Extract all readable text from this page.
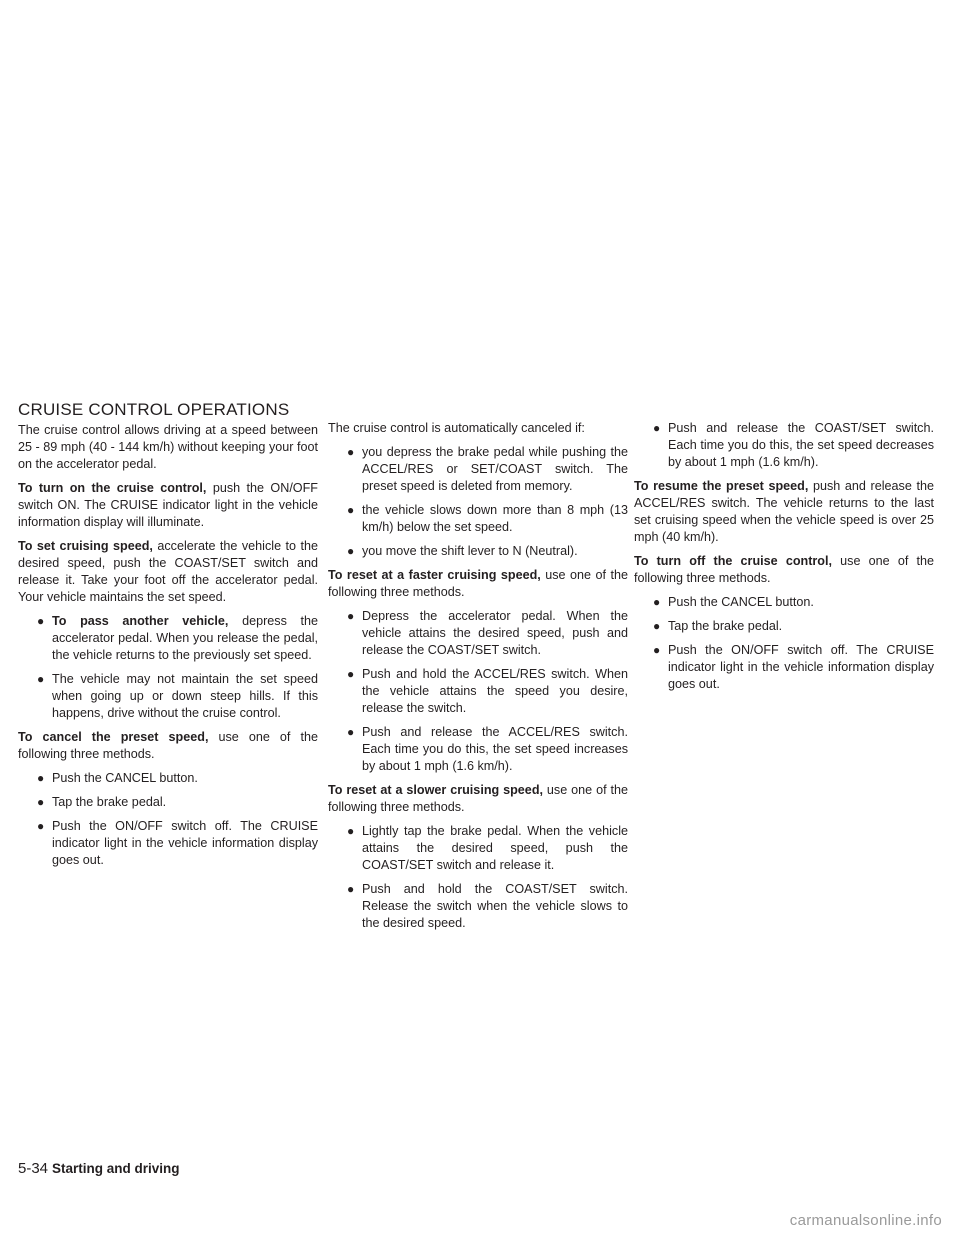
CRUISE CONTROL OPERATIONS

The cruise control allows driving at a speed between 25 - 89 mph (40 - 144 km/h) without keeping your foot on the accelerator pedal.

To turn on the cruise control, push the ON/OFF switch ON. The CRUISE indicator light in the vehicle information display will illuminate.

To set cruising speed, accelerate the vehicle to the desired speed, push the COAST/SET switch and release it. Take your foot off the accelerator pedal. Your vehicle maintains the set speed.

● To pass another vehicle, depress the accelerator pedal. When you release the pedal, the vehicle returns to the previously set speed.
● The vehicle may not maintain the set speed when going up or down steep hills. If this happens, drive without the cruise control.

To cancel the preset speed, use one of the following three methods.

● Push the CANCEL button.
● Tap the brake pedal.
● Push the ON/OFF switch off. The CRUISE indicator light in the vehicle information display goes out.

The cruise control is automatically canceled if:

● you depress the brake pedal while pushing the ACCEL/RES or SET/COAST switch. The preset speed is deleted from memory.
● the vehicle slows down more than 8 mph (13 km/h) below the set speed.
● you move the shift lever to N (Neutral).

To reset at a faster cruising speed, use one of the following three methods.

● Depress the accelerator pedal. When the vehicle attains the desired speed, push and release the COAST/SET switch.
● Push and hold the ACCEL/RES switch. When the vehicle attains the speed you desire, release the switch.
● Push and release the ACCEL/RES switch. Each time you do this, the set speed increases by about 1 mph (1.6 km/h).

To reset at a slower cruising speed, use one of the following three methods.

● Lightly tap the brake pedal. When the vehicle attains the desired speed, push the COAST/SET switch and release it.
● Push and hold the COAST/SET switch. Release the switch when the vehicle slows to the desired speed.
● Push and release the COAST/SET switch. Each time you do this, the set speed decreases by about 1 mph (1.6 km/h).

To resume the preset speed, push and release the ACCEL/RES switch. The vehicle returns to the last set cruising speed when the vehicle speed is over 25 mph (40 km/h).

To turn off the cruise control, use one of the following three methods.

● Push the CANCEL button.
● Tap the brake pedal.
● Push the ON/OFF switch off. The CRUISE indicator light in the vehicle information display goes out.
5-34 Starting and driving
carmanualsonline.info
